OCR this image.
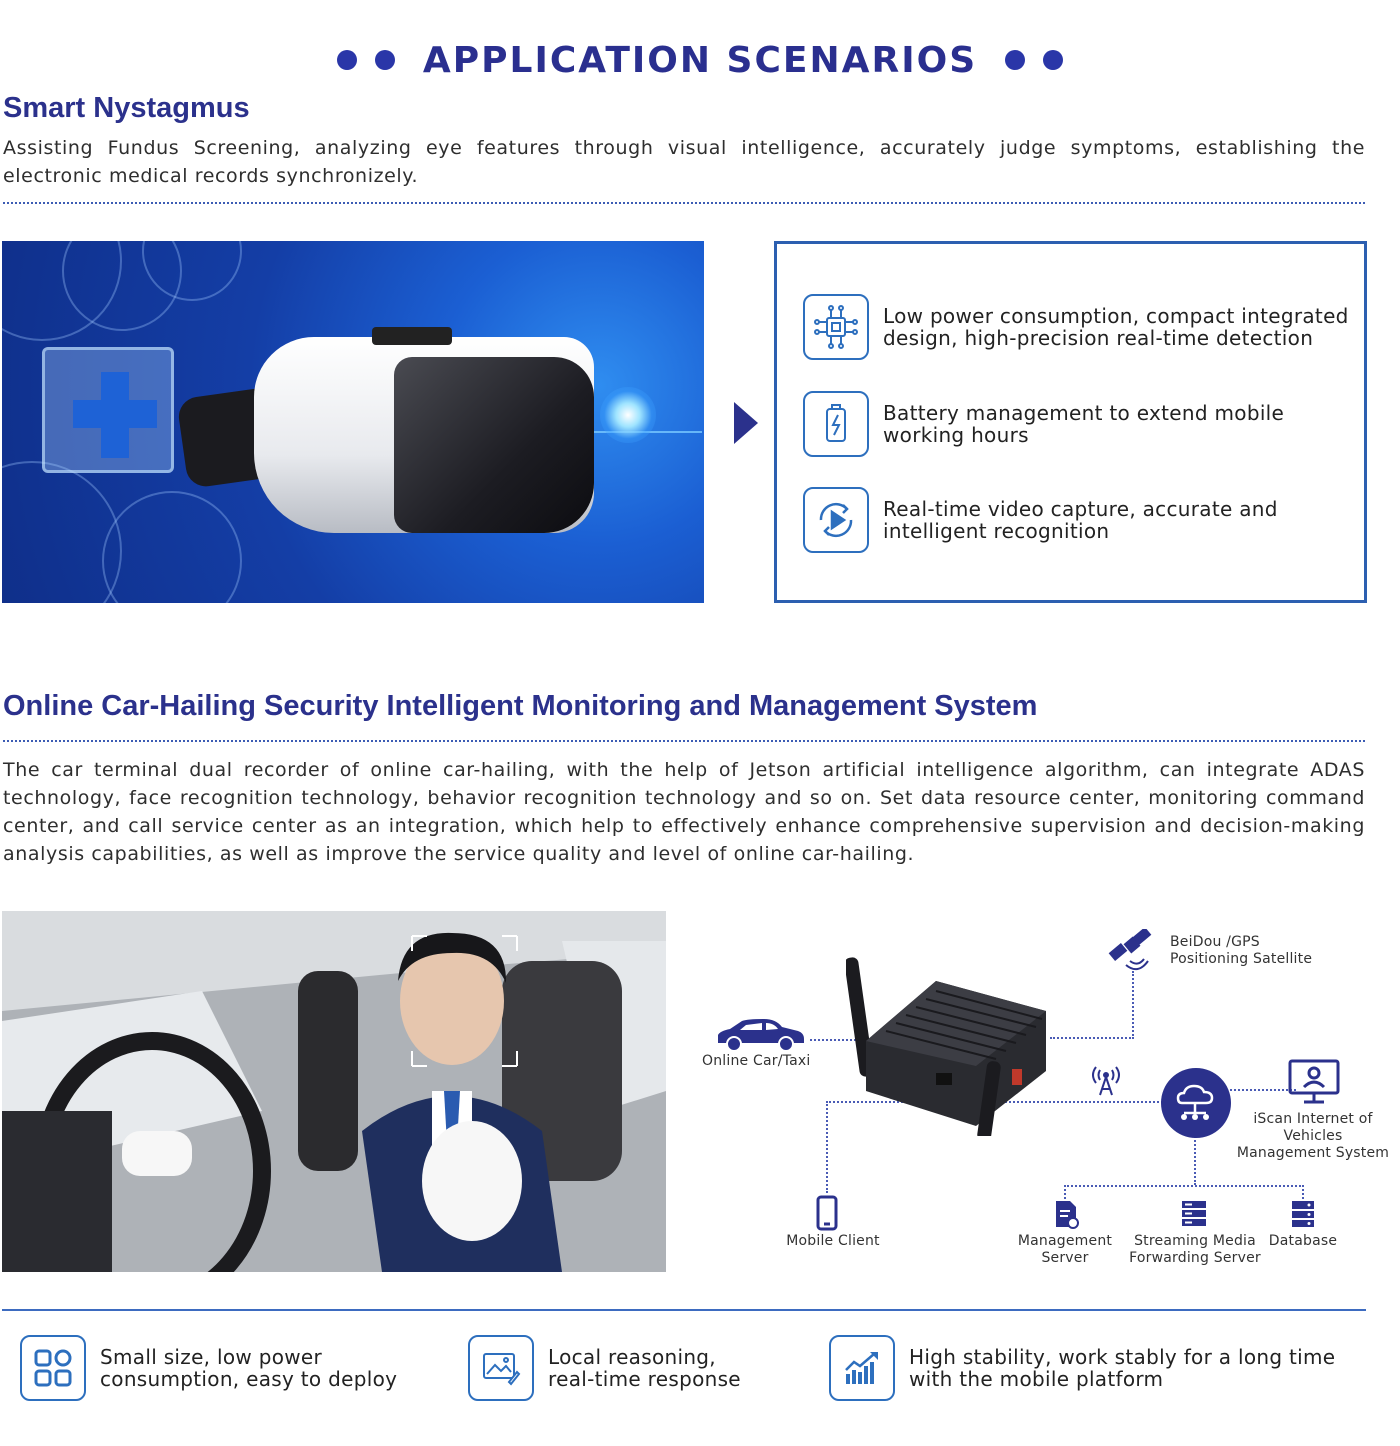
APPLICATION SCENARIOS
Smart Nystagmus
Assisting Fundus Screening, analyzing eye features through visual intelligence, accurately judge symptoms, establishing the electronic medical records synchronizely.
Low power consumption, compact integrated
design, high-precision real-time detection
Battery management to extend mobile
working hours
Real-time video capture, accurate and
intelligent recognition
Online Car-Hailing Security Intelligent Monitoring and Management System
The car terminal dual recorder of online car-hailing, with the help of Jetson artificial intelligence algorithm, can integrate ADAS technology, face recognition technology, behavior recognition technology and so on. Set data resource center, monitoring command center, and call service center as an integration, which help to effectively enhance comprehensive supervision and decision-making analysis capabilities, as well as improve the service quality and level of online car-hailing.
BeiDou /GPS
Positioning Satellite
Online Car/Taxi
iScan Internet of
Vehicles
Management System
Mobile Client	Management
Server
Streaming Media
Forwarding Server
Database
Small size, low power
consumption, easy to deploy
Local reasoning,
real-time response
High stability, work stably for a long time
with the mobile platform
